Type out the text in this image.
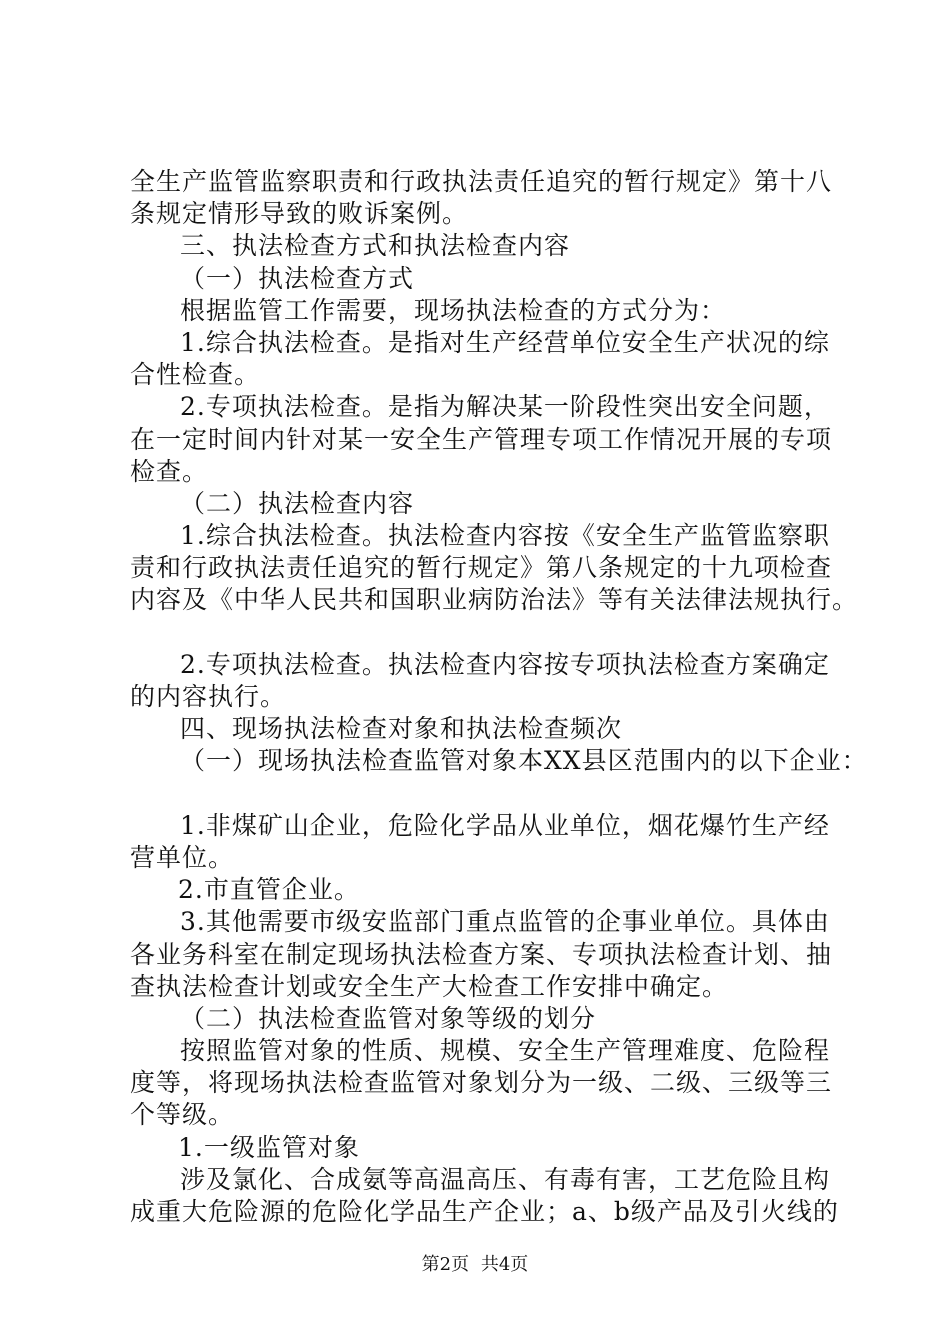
全生产监管监察职责和行政执法责任追究的暂行规定》第十八
条规定情形导致的败诉案例。
三、执法检查方式和执法检查内容
（一）执法检查方式
根据监管工作需要，现场执法检查的方式分为：
1.综合执法检查。是指对生产经营单位安全生产状况的综
合性检查。
2.专项执法检查。是指为解决某一阶段性突出安全问题，
在一定时间内针对某一安全生产管理专项工作情况开展的专项
检查。
（二）执法检查内容
1.综合执法检查。执法检查内容按《安全生产监管监察职
责和行政执法责任追究的暂行规定》第八条规定的十九项检查
内容及《中华人民共和国职业病防治法》等有关法律法规执行。
2.专项执法检查。执法检查内容按专项执法检查方案确定
的内容执行。
四、现场执法检查对象和执法检查频次
（一）现场执法检查监管对象本XX县区范围内的以下企业：
1.非煤矿山企业，危险化学品从业单位，烟花爆竹生产经
营单位。
2.市直管企业。
3.其他需要市级安监部门重点监管的企事业单位。具体由
各业务科室在制定现场执法检查方案、专项执法检查计划、抽
查执法检查计划或安全生产大检查工作安排中确定。
（二）执法检查监管对象等级的划分
按照监管对象的性质、规模、安全生产管理难度、危险程
度等，将现场执法检查监管对象划分为一级、二级、三级等三
个等级。
1.一级监管对象
涉及氯化、合成氨等高温高压、有毒有害，工艺危险且构
成重大危险源的危险化学品生产企业；a、b级产品及引火线的
第2页 共4页
